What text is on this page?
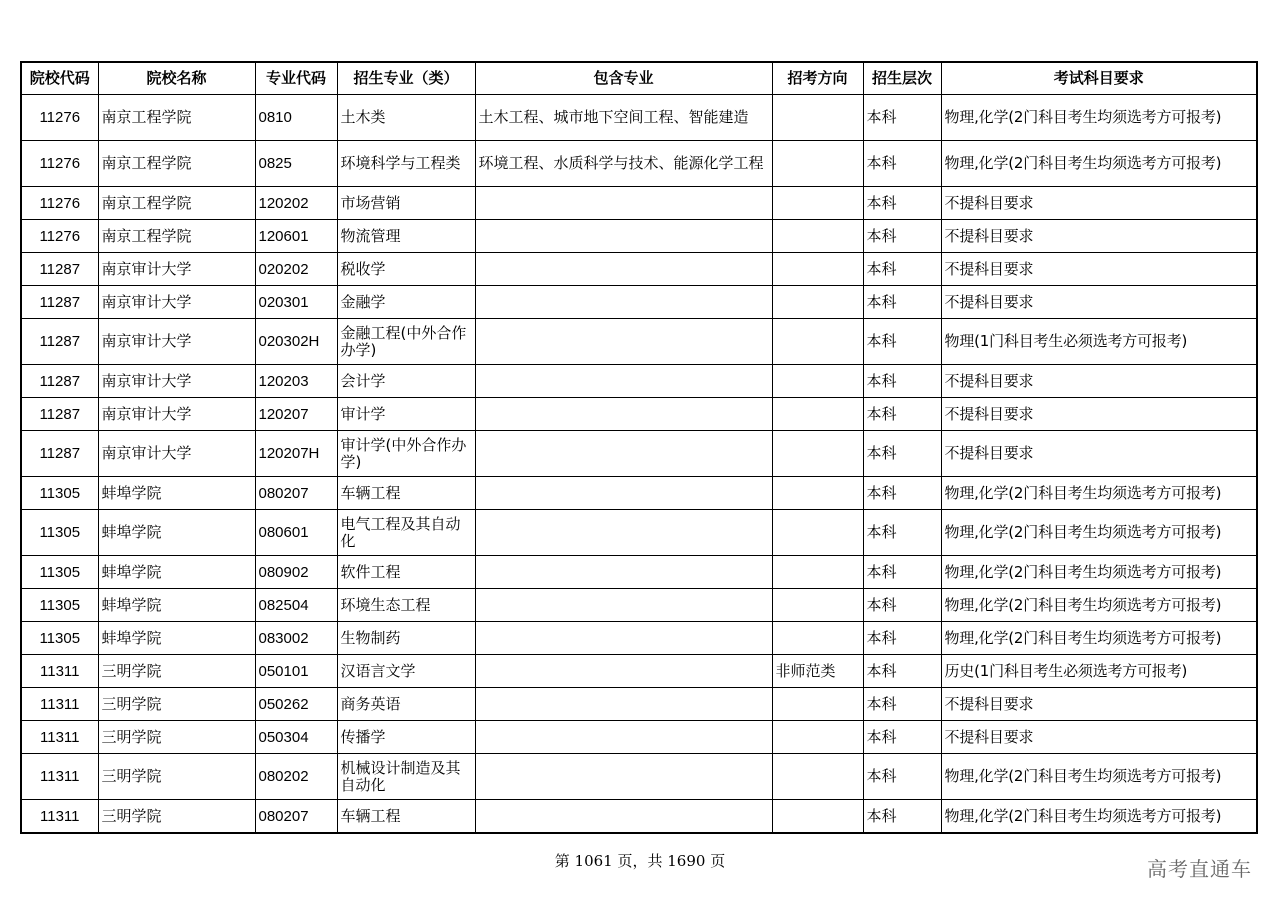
院校代码	院校名称	专业代码	招生专业（类）	包含专业	招考方向	招生层次	考试科目要求
11276	南京工程学院	0810	土木类	土木工程、城市地下空间工程、智能建造		本科	物理,化学(2门科目考生均须选考方可报考)
11276	南京工程学院	0825	环境科学与工程类	环境工程、水质科学与技术、能源化学工程		本科	物理,化学(2门科目考生均须选考方可报考)
11276	南京工程学院	120202	市场营销			本科	不提科目要求
11276	南京工程学院	120601	物流管理			本科	不提科目要求
11287	南京审计大学	020202	税收学			本科	不提科目要求
11287	南京审计大学	020301	金融学			本科	不提科目要求
11287	南京审计大学	020302H	金融工程(中外合作办学)			本科	物理(1门科目考生必须选考方可报考)
11287	南京审计大学	120203	会计学			本科	不提科目要求
11287	南京审计大学	120207	审计学			本科	不提科目要求
11287	南京审计大学	120207H	审计学(中外合作办学)			本科	不提科目要求
11305	蚌埠学院	080207	车辆工程			本科	物理,化学(2门科目考生均须选考方可报考)
11305	蚌埠学院	080601	电气工程及其自动化			本科	物理,化学(2门科目考生均须选考方可报考)
11305	蚌埠学院	080902	软件工程			本科	物理,化学(2门科目考生均须选考方可报考)
11305	蚌埠学院	082504	环境生态工程			本科	物理,化学(2门科目考生均须选考方可报考)
11305	蚌埠学院	083002	生物制药			本科	物理,化学(2门科目考生均须选考方可报考)
11311	三明学院	050101	汉语言文学		非师范类	本科	历史(1门科目考生必须选考方可报考)
11311	三明学院	050262	商务英语			本科	不提科目要求
11311	三明学院	050304	传播学			本科	不提科目要求
11311	三明学院	080202	机械设计制造及其自动化			本科	物理,化学(2门科目考生均须选考方可报考)
11311	三明学院	080207	车辆工程			本科	物理,化学(2门科目考生均须选考方可报考)
第 1061 页，共 1690 页	高考直通车
